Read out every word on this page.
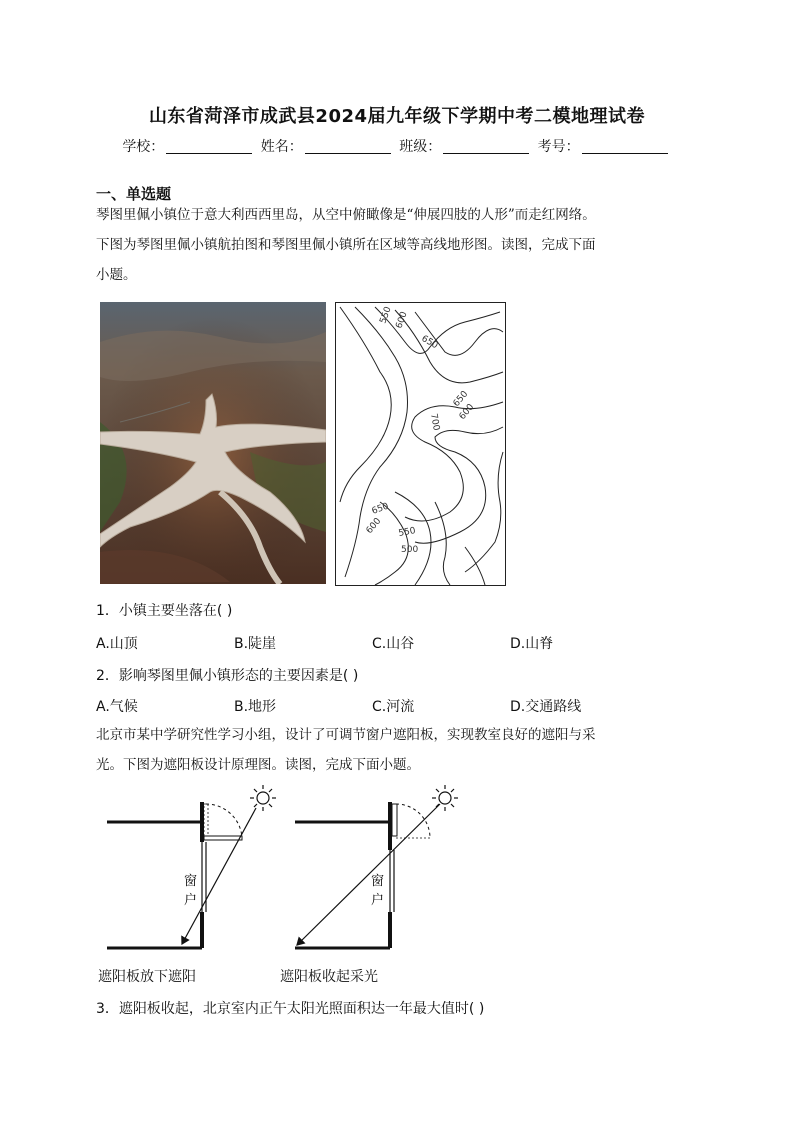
山东省菏泽市成武县2024届九年级下学期中考二模地理试卷
学校：	姓名：	班级：	考号：
一、单选题
琴图里佩小镇位于意大利西西里岛，从空中俯瞰像是“伸展四肢的人形”而走红网络。
下图为琴图里佩小镇航拍图和琴图里佩小镇所在区域等高线地形图。读图，完成下面
小题。
550 600
650
650
600
700
650
600 550
500
1．小镇主要坐落在( )
A.山顶	B.陡崖	C.山谷	D.山脊
2．影响琴图里佩小镇形态的主要因素是( )
A.气候	B.地形	C.河流	D.交通路线
北京市某中学研究性学习小组，设计了可调节窗户遮阳板，实现教室良好的遮阳与采
光。下图为遮阳板设计原理图。读图，完成下面小题。
窗
户
窗
户
遮阳板放下遮阳	遮阳板收起采光
3．遮阳板收起，北京室内正午太阳光照面积达一年最大值时( )
